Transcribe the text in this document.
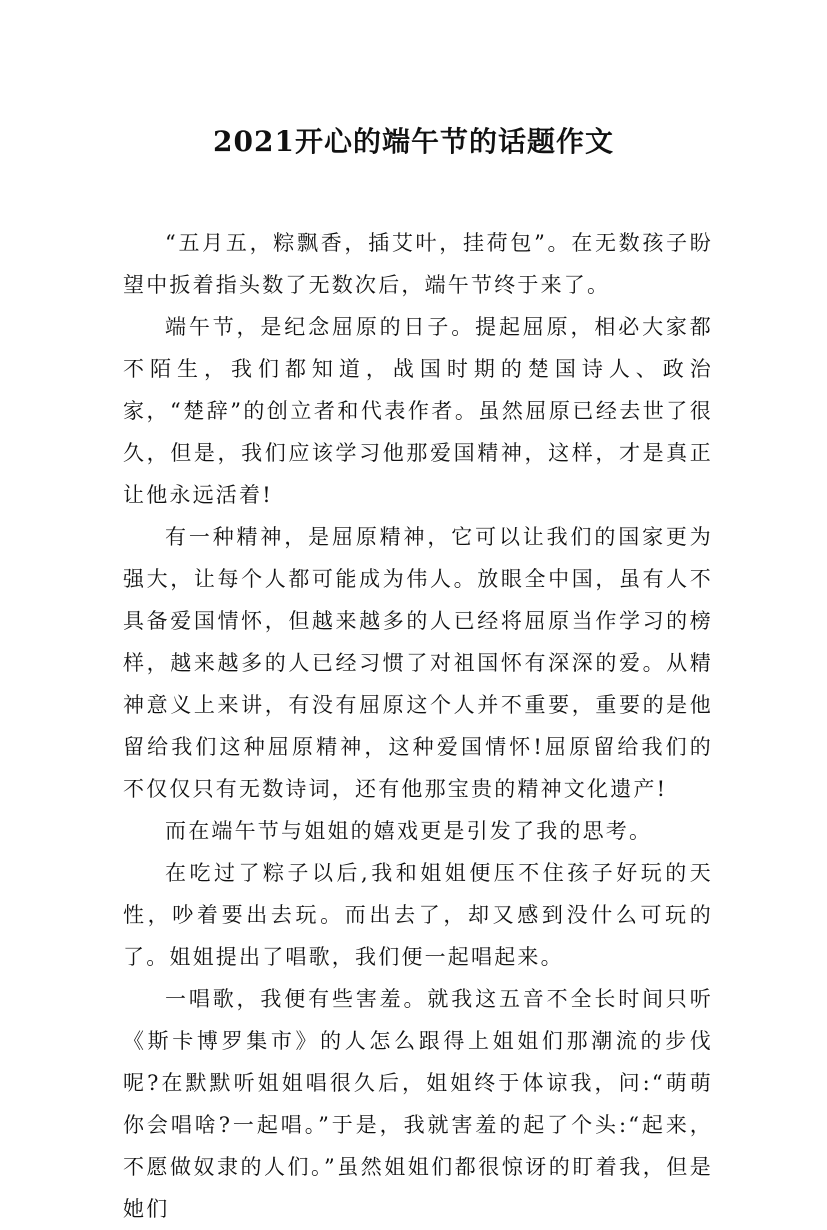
2021开心的端午节的话题作文

“五月五，粽飘香，插艾叶，挂荷包”。在无数孩子盼望中扳着指头数了无数次后，端午节终于来了。

端午节，是纪念屈原的日子。提起屈原，相必大家都不陌生，我们都知道，战国时期的楚国诗人、政治家，“楚辞”的创立者和代表作者。虽然屈原已经去世了很久，但是，我们应该学习他那爱国精神，这样，才是真正让他永远活着!

有一种精神，是屈原精神，它可以让我们的国家更为强大，让每个人都可能成为伟人。放眼全中国，虽有人不具备爱国情怀，但越来越多的人已经将屈原当作学习的榜样，越来越多的人已经习惯了对祖国怀有深深的爱。从精神意义上来讲，有没有屈原这个人并不重要，重要的是他留给我们这种屈原精神，这种爱国情怀!屈原留给我们的不仅仅只有无数诗词，还有他那宝贵的精神文化遗产!

而在端午节与姐姐的嬉戏更是引发了我的思考。

在吃过了粽子以后,我和姐姐便压不住孩子好玩的天性，吵着要出去玩。而出去了，却又感到没什么可玩的了。姐姐提出了唱歌，我们便一起唱起来。

一唱歌，我便有些害羞。就我这五音不全长时间只听《斯卡博罗集市》的人怎么跟得上姐姐们那潮流的步伐呢?在默默听姐姐唱很久后，姐姐终于体谅我，问:“萌萌你会唱啥?一起唱。”于是，我就害羞的起了个头:“起来，不愿做奴隶的人们。”虽然姐姐们都很惊讶的盯着我，但是她们
